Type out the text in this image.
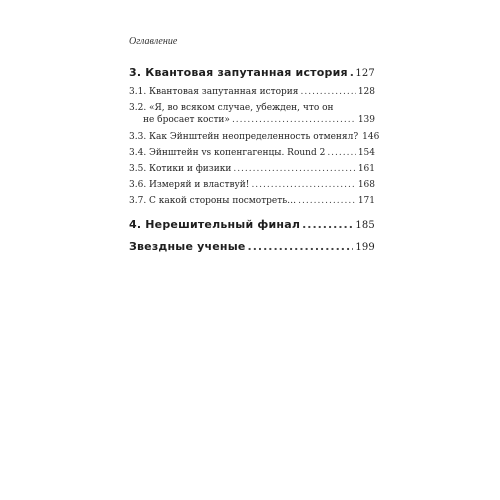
Оглавление
3. Квантовая запутанная история ..... 127
3.1. Квантовая запутанная история .....	128
3.2. «Я, во всяком случае, убежден, что он
не бросает кости» .....	139
3.3. Как Эйнштейн неопределенность отменял? 146
3.4. Эйнштейн vs копенгагенцы. Round 2 .....	154
3.5. Котики и физики .....	161
3.6. Измеряй и властвуй! .....	168
3.7. С какой стороны посмотреть… .....	171
4. Нерешительный финал .....	185
Звездные ученые .....	199
